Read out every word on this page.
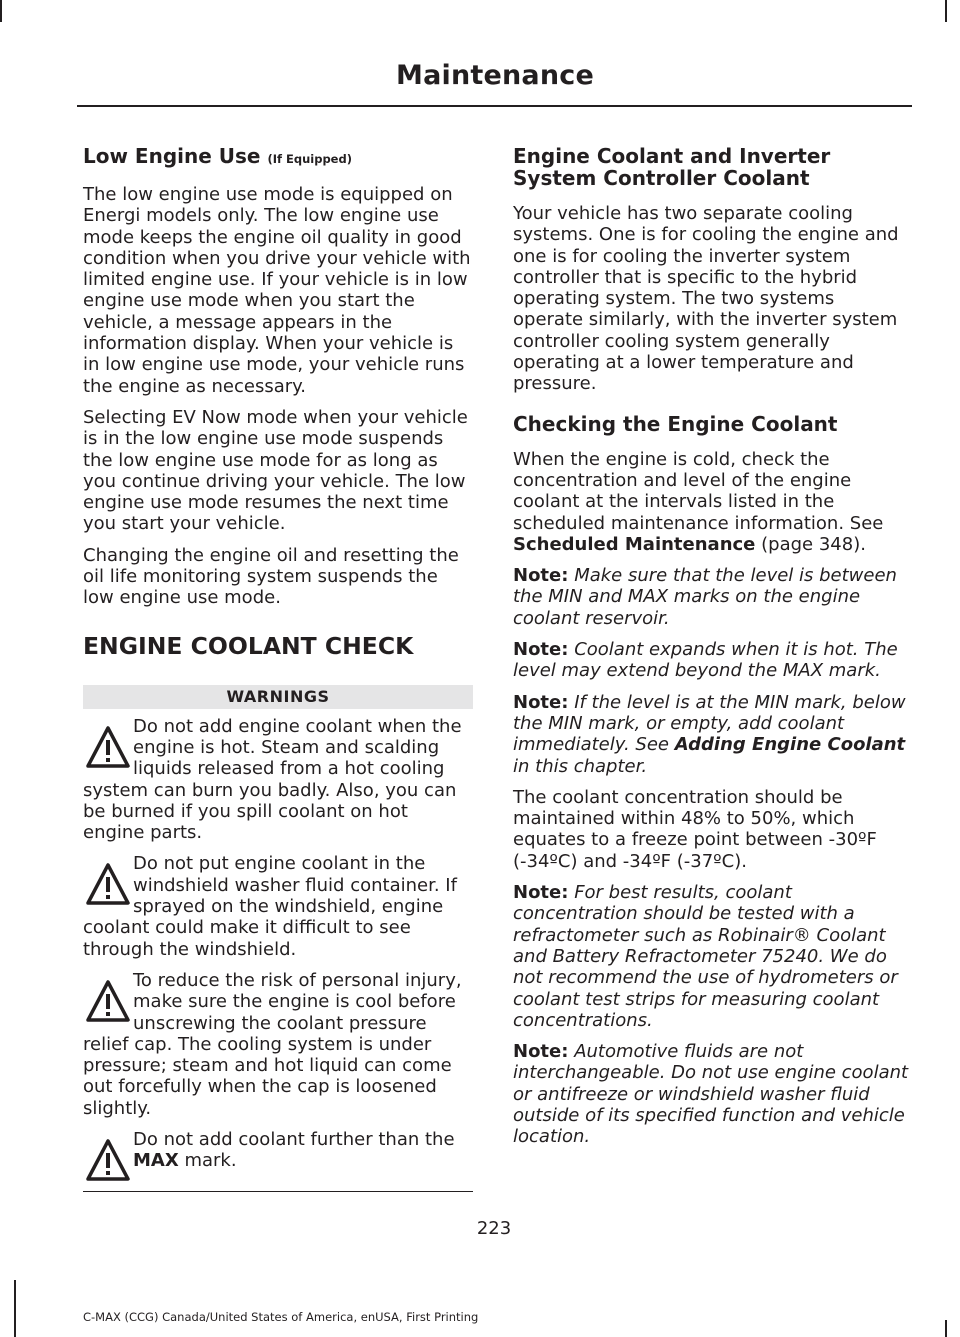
Maintenance
Low Engine Use (If Equipped)

The low engine use mode is equipped on Energi models only. The low engine use mode keeps the engine oil quality in good condition when you drive your vehicle with limited engine use. If your vehicle is in low engine use mode when you start the vehicle, a message appears in the information display. When your vehicle is in low engine use mode, your vehicle runs the engine as necessary.

Selecting EV Now mode when your vehicle is in the low engine use mode suspends the low engine use mode for as long as you continue driving your vehicle. The low engine use mode resumes the next time you start your vehicle.

Changing the engine oil and resetting the oil life monitoring system suspends the low engine use mode.

ENGINE COOLANT CHECK
WARNINGS
Do not add engine coolant when the engine is hot. Steam and scalding liquids released from a hot cooling system can burn you badly. Also, you can be burned if you spill coolant on hot engine parts.
Do not put engine coolant in the windshield washer fluid container. If sprayed on the windshield, engine coolant could make it difficult to see through the windshield.
To reduce the risk of personal injury, make sure the engine is cool before unscrewing the coolant pressure relief cap. The cooling system is under pressure; steam and hot liquid can come out forcefully when the cap is loosened slightly.
Do not add coolant further than the MAX mark.
Engine Coolant and Inverter System Controller Coolant

Your vehicle has two separate cooling systems. One is for cooling the engine and one is for cooling the inverter system controller that is specific to the hybrid operating system. The two systems operate similarly, with the inverter system controller cooling system generally operating at a lower temperature and pressure.

Checking the Engine Coolant

When the engine is cold, check the concentration and level of the engine coolant at the intervals listed in the scheduled maintenance information. See Scheduled Maintenance (page 348).

Note: Make sure that the level is between the MIN and MAX marks on the engine coolant reservoir.

Note: Coolant expands when it is hot. The level may extend beyond the MAX mark.

Note: If the level is at the MIN mark, below the MIN mark, or empty, add coolant immediately. See Adding Engine Coolant in this chapter.

The coolant concentration should be maintained within 48% to 50%, which equates to a freeze point between -30ºF (-34ºC) and -34ºF (-37ºC).

Note: For best results, coolant concentration should be tested with a refractometer such as Robinair® Coolant and Battery Refractometer 75240. We do not recommend the use of hydrometers or coolant test strips for measuring coolant concentrations.

Note: Automotive fluids are not interchangeable. Do not use engine coolant or antifreeze or windshield washer fluid outside of its specified function and vehicle location.

223
C-MAX (CCG) Canada/United States of America, enUSA, First Printing
